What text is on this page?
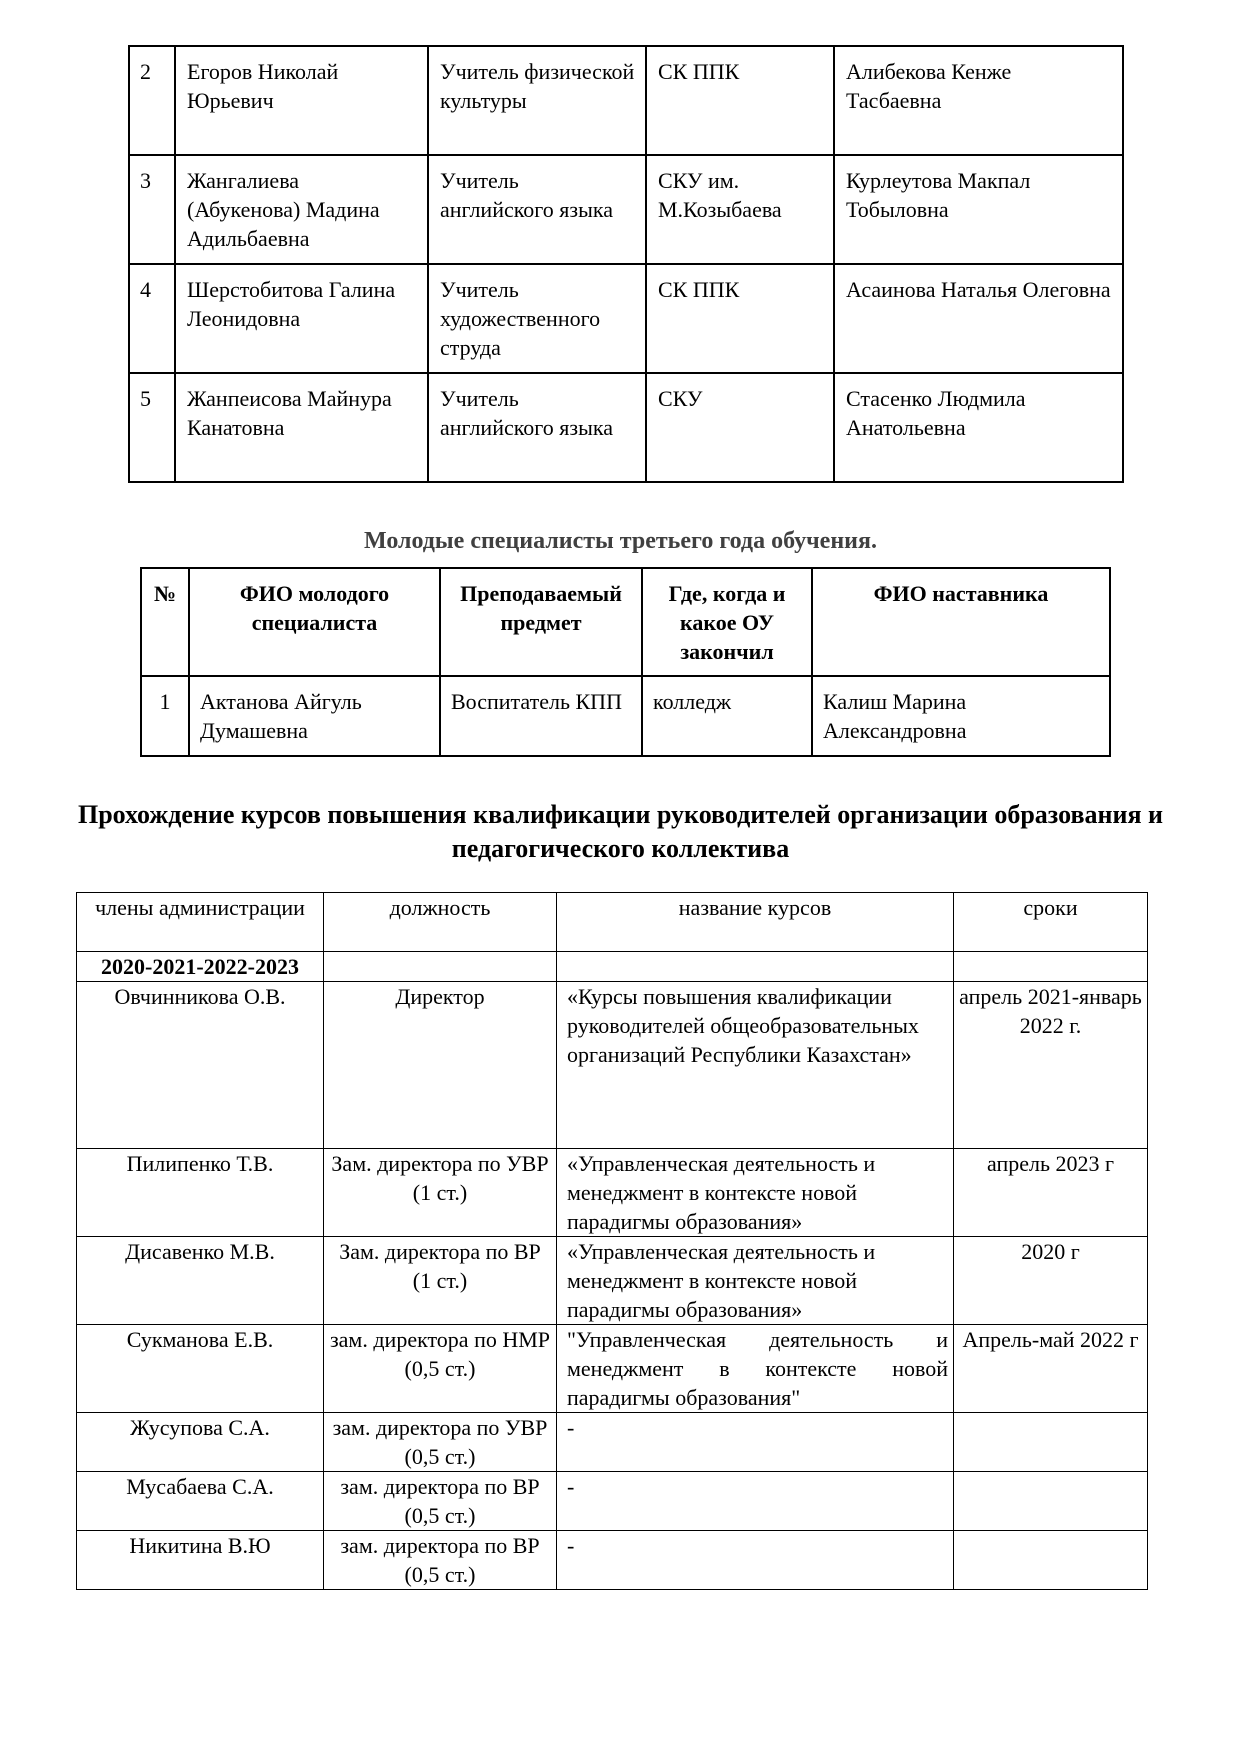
2	Егоров Николай Юрьевич	Учитель физической культуры	СК ППК	Алибекова Кенже Тасбаевна
3	Жангалиева (Абукенова) Мадина Адильбаевна	Учитель английского языка	СКУ им. М.Козыбаева	Курлеутова Макпал Тобыловна
4	Шерстобитова Галина Леонидовна	Учитель художественного струда	СК ППК	Асаинова Наталья Олеговна
5	Жанпеисова Майнура Канатовна	Учитель английского языка	СКУ	Стасенко Людмила Анатольевна
Молодые специалисты третьего года обучения.
№	ФИО молодого специалиста	Преподаваемый предмет	Где, когда и какое ОУ закончил	ФИО наставника
1	Актанова Айгуль Думашевна	Воспитатель КПП	колледж	Калиш Марина Александровна
Прохождение курсов повышения квалификации руководителей организации образования и педагогического коллектива
члены администрации	должность	название курсов	сроки
2020-2021-2022-2023			
Овчинникова О.В.	Директор	«Курсы повышения квалификации руководителей общеобразовательных организаций Республики Казахстан»	апрель 2021-январь 2022 г.
Пилипенко Т.В.	Зам. директора по УВР (1 ст.)	«Управленческая деятельность и менеджмент в контексте новой парадигмы образования»	апрель 2023 г
Дисавенко М.В.	Зам. директора по ВР (1 ст.)	«Управленческая деятельность и менеджмент в контексте новой парадигмы образования»	2020 г
Сукманова Е.В.	зам. директора по НМР (0,5 ст.)	"Управленческая деятельность и менеджмент в контексте новой парадигмы образования"	Апрель-май 2022 г
Жусупова С.А.	зам. директора по УВР (0,5 ст.)	-	
Мусабаева С.А.	зам. директора по ВР (0,5 ст.)	-	
Никитина В.Ю	зам. директора по ВР (0,5 ст.)	-	
